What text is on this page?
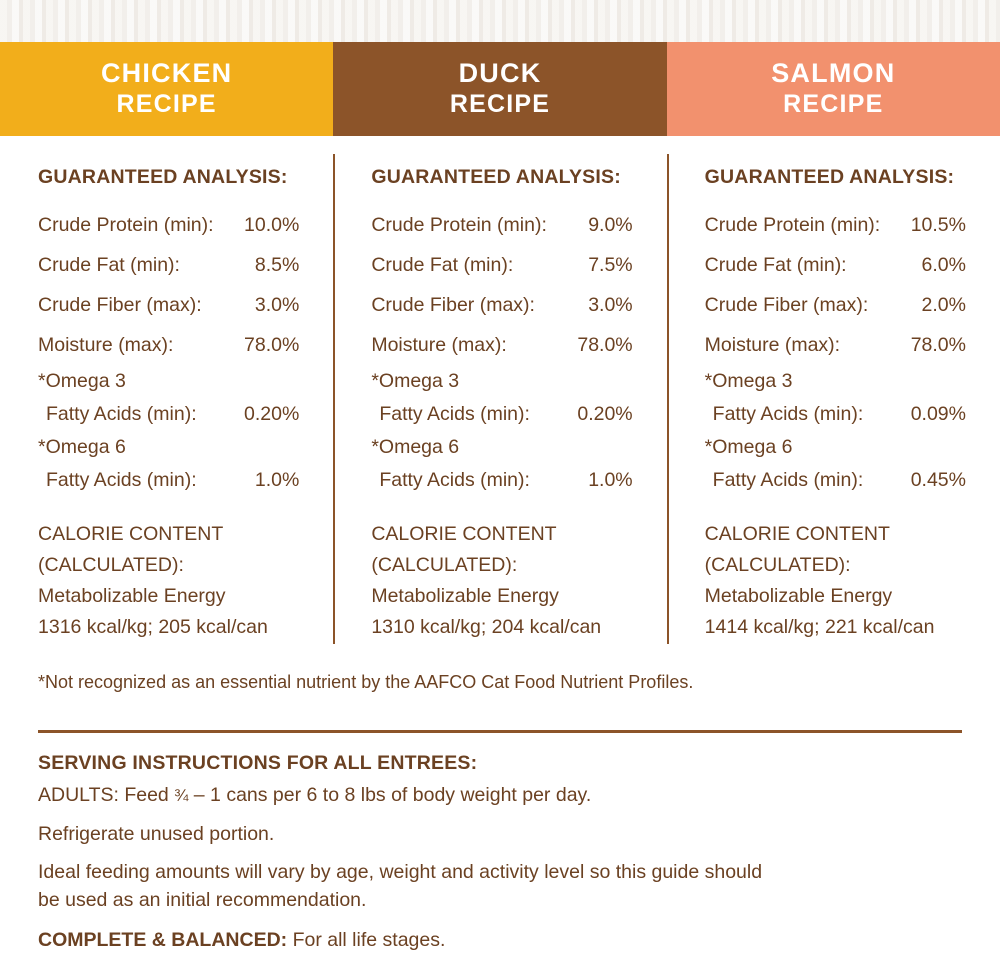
CHICKEN
RECIPE
DUCK
RECIPE
SALMON
RECIPE
GUARANTEED ANALYSIS:
Crude Protein (min):	10.0%
Crude Fat (min):	8.5%
Crude Fiber (max):	3.0%
Moisture (max):	78.0%
*Omega 3
Fatty Acids (min): 0.20%
*Omega 6
Fatty Acids (min):	1.0%
CALORIE CONTENT
(CALCULATED):
Metabolizable Energy
1316 kcal/kg; 205 kcal/can
GUARANTEED ANALYSIS:
Crude Protein (min):	9.0%
Crude Fat (min):	7.5%
Crude Fiber (max):	3.0%
Moisture (max):	78.0%
*Omega 3
Fatty Acids (min): 0.20%
*Omega 6
Fatty Acids (min):	1.0%
CALORIE CONTENT
(CALCULATED):
Metabolizable Energy
1310 kcal/kg; 204 kcal/can
GUARANTEED ANALYSIS:
Crude Protein (min):	10.5%
Crude Fat (min):	6.0%
Crude Fiber (max):	2.0%
Moisture (max):	78.0%
*Omega 3
Fatty Acids (min): 0.09%
*Omega 6
Fatty Acids (min): 0.45%
CALORIE CONTENT
(CALCULATED):
Metabolizable Energy
1414 kcal/kg; 221 kcal/can
*Not recognized as an essential nutrient by the AAFCO Cat Food Nutrient Profiles.
SERVING INSTRUCTIONS FOR ALL ENTREES:

ADULTS: Feed ¾ – 1 cans per 6 to 8 lbs of body weight per day.

Refrigerate unused portion.

Ideal feeding amounts will vary by age, weight and activity level so this guide should
be used as an initial recommendation.

COMPLETE & BALANCED: For all life stages.
